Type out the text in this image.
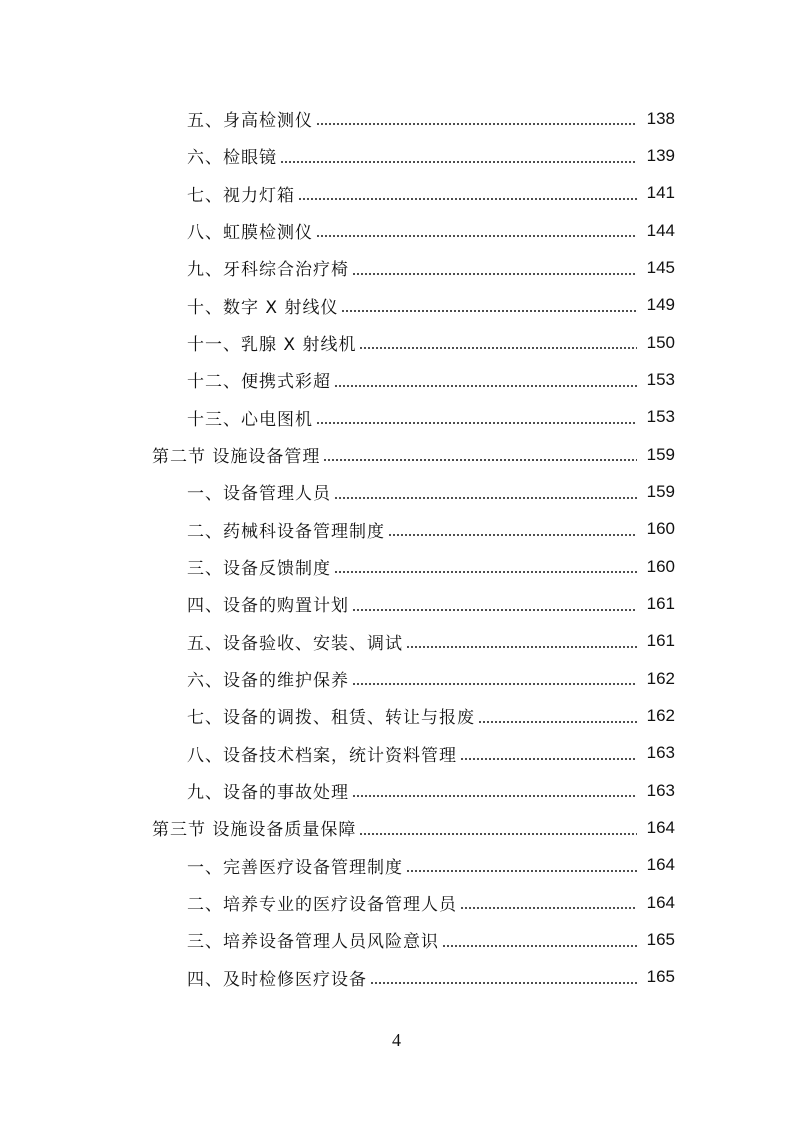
五、身高检测仪	138
六、检眼镜	139
七、视力灯箱	141
八、虹膜检测仪	144
九、牙科综合治疗椅	145
十、数字 X 射线仪	149
十一、乳腺 X 射线机	150
十二、便携式彩超	153
十三、心电图机	153
第二节 设施设备管理	159
一、设备管理人员	159
二、药械科设备管理制度	160
三、设备反馈制度	160
四、设备的购置计划	161
五、设备验收、安装、调试	161
六、设备的维护保养	162
七、设备的调拨、租赁、转让与报废	162
八、设备技术档案，统计资料管理	163
九、设备的事故处理	163
第三节 设施设备质量保障	164
一、完善医疗设备管理制度	164
二、培养专业的医疗设备管理人员	164
三、培养设备管理人员风险意识	165
四、及时检修医疗设备	165
4
